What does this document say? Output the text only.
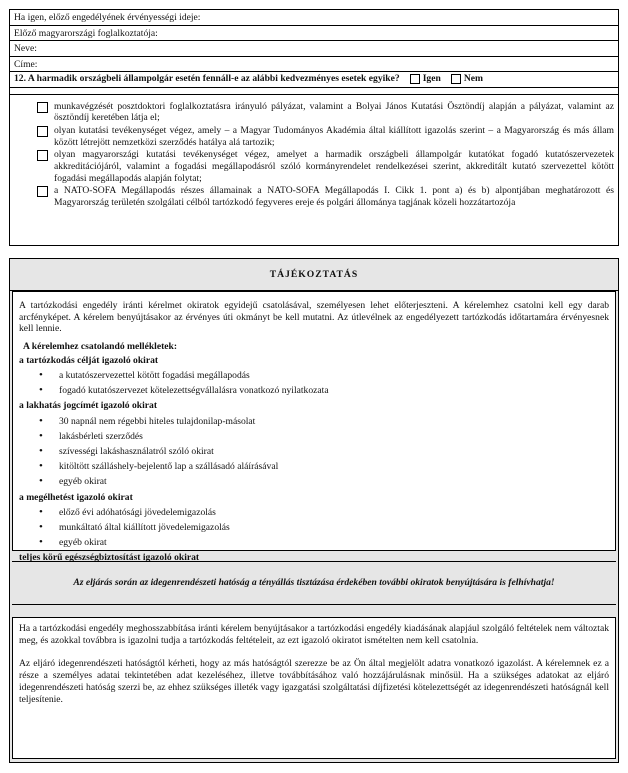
Ha igen, előző engedélyének érvényességi ideje:
Előző magyarországi foglalkoztatója:
Neve:
Címe:
12. A harmadik országbeli állampolgár esetén fennáll-e az alábbi kedvezményes esetek egyike? Igen Nem
munkavégzését posztdoktori foglalkoztatásra irányuló pályázat, valamint a Bolyai János Kutatási Ösztöndíj alapján a pályázat, valamint az ösztöndíj keretében látja el;
olyan kutatási tevékenységet végez, amely – a Magyar Tudományos Akadémia által kiállított igazolás szerint – a Magyarország és más állam között létrejött nemzetközi szerződés hatálya alá tartozik;
olyan magyarországi kutatási tevékenységet végez, amelyet a harmadik országbeli állampolgár kutatókat fogadó kutatószervezetek akkreditációjáról, valamint a fogadási megállapodásról szóló kormányrendelet rendelkezései szerint, akkreditált kutató szervezettel kötött fogadási megállapodás alapján folytat;
a NATO-SOFA Megállapodás részes államainak a NATO-SOFA Megállapodás I. Cikk 1. pont a) és b) alpontjában meghatározott és Magyarország területén szolgálati célból tartózkodó fegyveres ereje és polgári állománya tagjának közeli hozzátartozója
TÁJÉKOZTATÁS
A tartózkodási engedély iránti kérelmet okiratok egyidejű csatolásával, személyesen lehet előterjeszteni. A kérelemhez csatolni kell egy darab arcfényképet. A kérelem benyújtásakor az érvényes úti okmányt be kell mutatni. Az útlevélnek az engedélyezett tartózkodás időtartamára érvényesnek kell lennie.
A kérelemhez csatolandó mellékletek:
a tartózkodás célját igazoló okirat
• a kutatószervezettel kötött fogadási megállapodás
• fogadó kutatószervezet kötelezettségvállalásra vonatkozó nyilatkozata
a lakhatás jogcímét igazoló okirat
• 30 napnál nem régebbi hiteles tulajdonilap-másolat
• lakásbérleti szerződés
• szívességi lakáshasználatról szóló okirat
• kitöltött szálláshely-bejelentő lap a szállásadó aláírásával
• egyéb okirat
a megélhetést igazoló okirat
• előző évi adóhatósági jövedelemigazolás
• munkáltató által kiállított jövedelemigazolás
• egyéb okirat
teljes körű egészségbiztosítást igazoló okirat
Az eljárás során az idegenrendészeti hatóság a tényállás tisztázása érdekében további okiratok benyújtására is felhívhatja!
Ha a tartózkodási engedély meghosszabbítása iránti kérelem benyújtásakor a tartózkodási engedély kiadásának alapjául szolgáló feltételek nem változtak meg, és azokkal továbbra is igazolni tudja a tartózkodás feltételeit, az ezt igazoló okiratot ismételten nem kell csatolnia.
Az eljáró idegenrendészeti hatóságtól kérheti, hogy az más hatóságtól szerezze be az Ön által megjelölt adatra vonatkozó igazolást. A kérelemnek ez a része a személyes adatai tekintetében adat kezeléséhez, illetve továbbításához való hozzájárulásnak minősül. Ha a szükséges adatokat az eljáró idegenrendészeti hatóság szerzi be, az ehhez szükséges illeték vagy igazgatási szolgáltatási díjfizetési kötelezettségét az idegenrendészeti hatóságnál kell teljesítenie.
